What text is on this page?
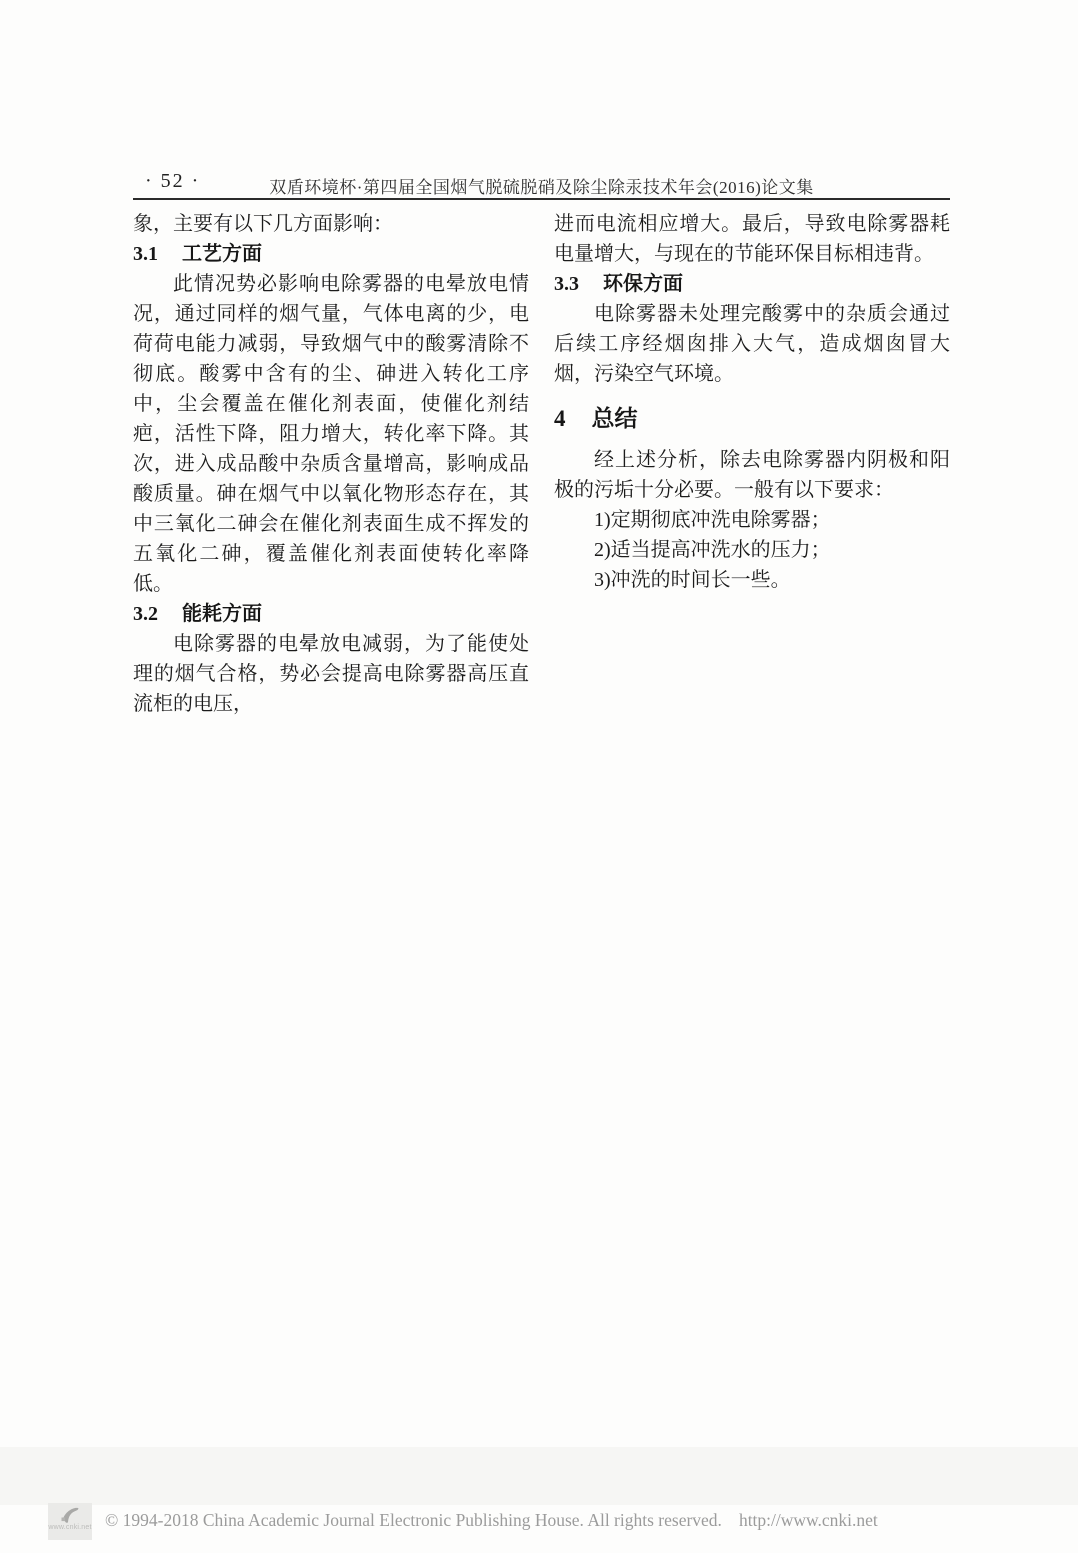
· 52 ·	双盾环境杯·第四届全国烟气脱硫脱硝及除尘除汞技术年会(2016)论文集
象，主要有以下几方面影响：
3.1 工艺方面
此情况势必影响电除雾器的电晕放电情况，通过同样的烟气量，气体电离的少，电荷荷电能力减弱，导致烟气中的酸雾清除不彻底。酸雾中含有的尘、砷进入转化工序中，尘会覆盖在催化剂表面，使催化剂结疤，活性下降，阻力增大，转化率下降。其次，进入成品酸中杂质含量增高，影响成品酸质量。砷在烟气中以氧化物形态存在，其中三氧化二砷会在催化剂表面生成不挥发的五氧化二砷，覆盖催化剂表面使转化率降低。
3.2 能耗方面
电除雾器的电晕放电减弱，为了能使处理的烟气合格，势必会提高电除雾器高压直流柜的电压，
进而电流相应增大。最后，导致电除雾器耗电量增大，与现在的节能环保目标相违背。
3.3 环保方面
电除雾器未处理完酸雾中的杂质会通过后续工序经烟囱排入大气，造成烟囱冒大烟，污染空气环境。
4 总结
经上述分析，除去电除雾器内阴极和阳极的污垢十分必要。一般有以下要求：
1)定期彻底冲洗电除雾器；
2)适当提高冲洗水的压力；
3)冲洗的时间长一些。
www.cnki.net © 1994-2018 China Academic Journal Electronic Publishing House. All rights reserved. http://www.cnki.net
